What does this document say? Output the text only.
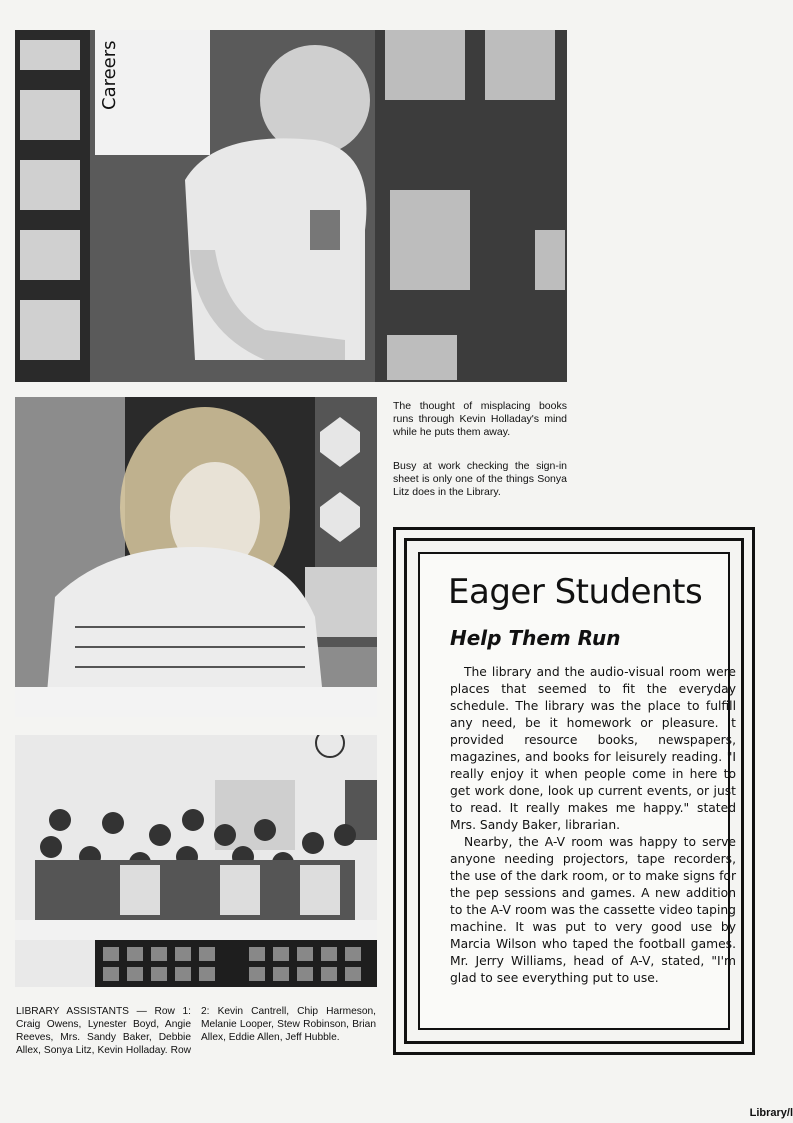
Careers
The thought of misplacing books runs through Kevin Holladay's mind while he puts them away.
Busy at work checking the sign-in sheet is only one of the things Sonya Litz does in the Library.
LIBRARY ASSISTANTS — Row 1: Craig Owens, Lynester Boyd, Angie Reeves, Mrs. Sandy Baker, Debbie Allex, Sonya Litz, Kevin Holladay. Row 2: Kevin Cantrell, Chip Harmeson, Melanie Looper, Stew Robinson, Brian Allex, Eddie Allen, Jeff Hubble.
Eager Students
Help Them Run

The library and the audio-visual room were places that seemed to fit the everyday schedule. The library was the place to fulfill any need, be it homework or pleasure. It provided resource books, newspapers, magazines, and books for leisurely reading. "I really enjoy it when people come in here to get work done, look up current events, or just to read. It really makes me happy." stated Mrs. Sandy Baker, librarian.

Nearby, the A-V room was happy to serve anyone needing projectors, tape recorders, the use of the dark room, or to make signs for the pep sessions and games. A new addition to the A-V room was the cassette video taping machine. It was put to very good use by Marcia Wilson who taped the football games. Mr. Jerry Williams, head of A-V, stated, "I'm glad to see everything put to use.

Library/l
